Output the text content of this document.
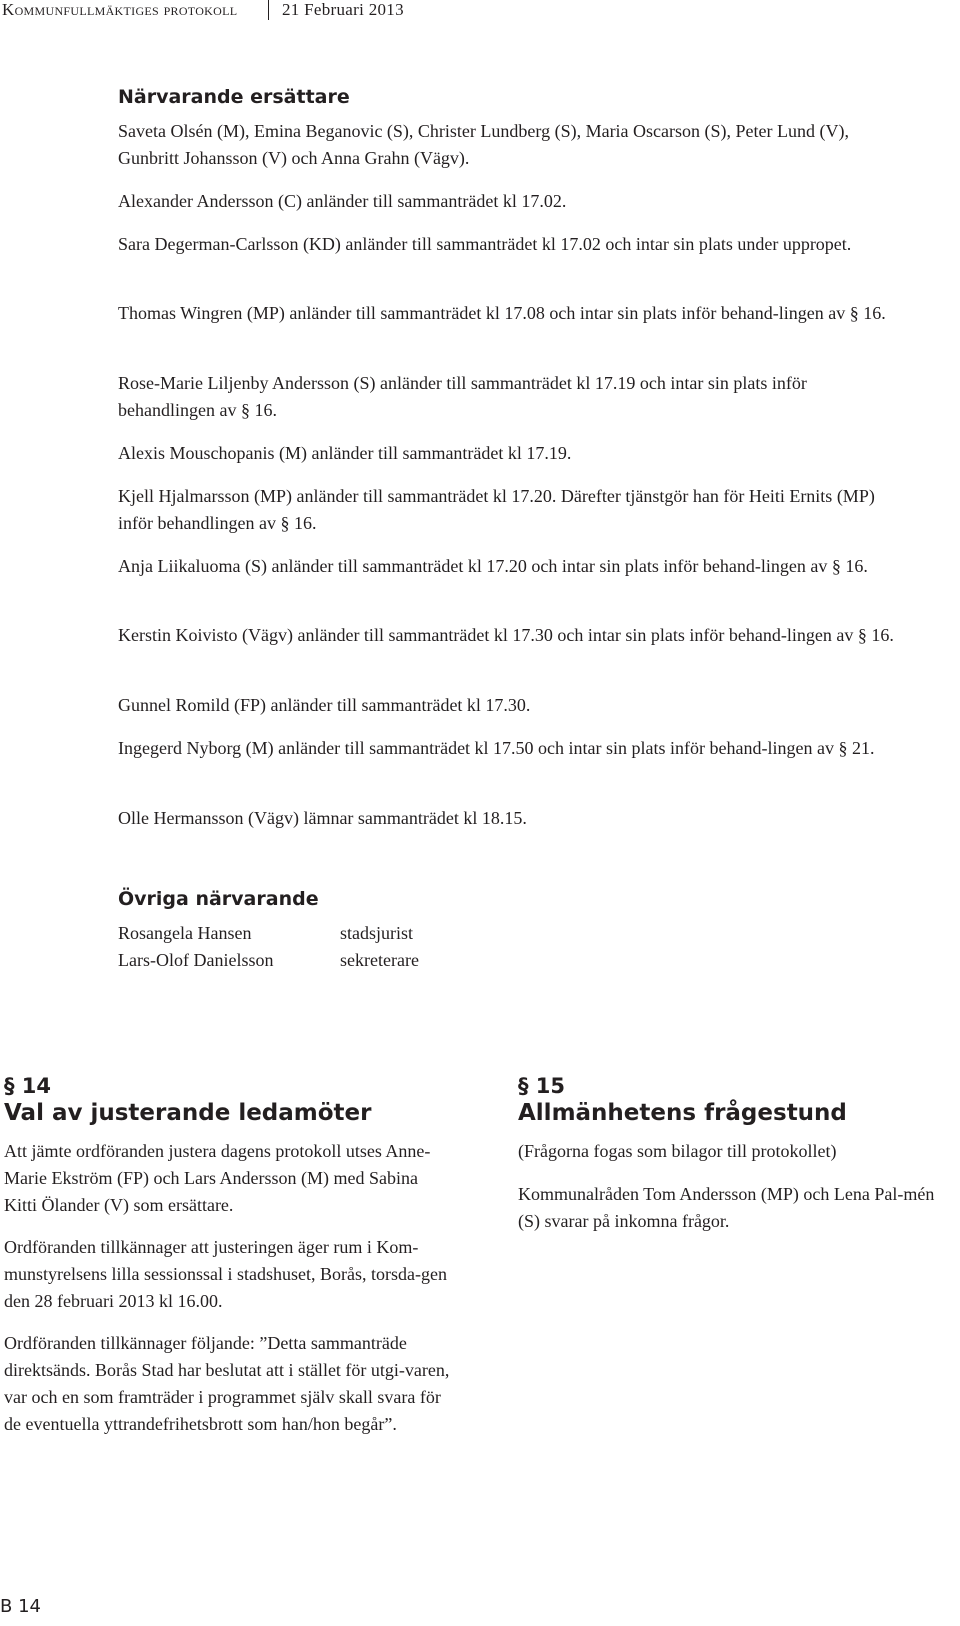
Kommunfullmäktiges protokoll	21 Februari 2013
Närvarande ersättare

Saveta Olsén (M), Emina Beganovic (S), Christer Lundberg (S), Maria Oscarson (S), Peter Lund (V), Gunbritt Johansson (V) och Anna Grahn (Vägv).

Alexander Andersson (C) anländer till sammanträdet kl 17.02.

Sara Degerman-Carlsson (KD) anländer till sammanträdet kl 17.02 och intar sin plats under uppropet.

Thomas Wingren (MP) anländer till sammanträdet kl 17.08 och intar sin plats inför behand-lingen av § 16.

Rose-Marie Liljenby Andersson (S) anländer till sammanträdet kl 17.19 och intar sin plats inför behandlingen av § 16.

Alexis Mouschopanis (M) anländer till sammanträdet kl 17.19.

Kjell Hjalmarsson (MP) anländer till sammanträdet kl 17.20. Därefter tjänstgör han för Heiti Ernits (MP) inför behandlingen av § 16.

Anja Liikaluoma (S) anländer till sammanträdet kl 17.20 och intar sin plats inför behand-lingen av § 16.

Kerstin Koivisto (Vägv) anländer till sammanträdet kl 17.30 och intar sin plats inför behand-lingen av § 16.

Gunnel Romild (FP) anländer till sammanträdet kl 17.30.

Ingegerd Nyborg (M) anländer till sammanträdet kl 17.50 och intar sin plats inför behand-lingen av § 21.

Olle Hermansson (Vägv) lämnar sammanträdet kl 18.15.

Övriga närvarande
Rosangela Hansen	stadsjurist
Lars-Olof Danielsson	sekreterare
§ 14
Val av justerande ledamöter

Att jämte ordföranden justera dagens protokoll utses Anne-Marie Ekström (FP) och Lars Andersson (M) med Sabina Kitti Ölander (V) som ersättare.

Ordföranden tillkännager att justeringen äger rum i Kom-munstyrelsens lilla sessionssal i stadshuset, Borås, torsda-gen den 28 februari 2013 kl 16.00.

Ordföranden tillkännager följande: ”Detta sammanträde direktsänds. Borås Stad har beslutat att i stället för utgi-varen, var och en som framträder i programmet själv skall svara för de eventuella yttrandefrihetsbrott som han/hon begår”.

§ 15
Allmänhetens frågestund

(Frågorna fogas som bilagor till protokollet)

Kommunalråden Tom Andersson (MP) och Lena Pal-mén (S) svarar på inkomna frågor.

B 14
